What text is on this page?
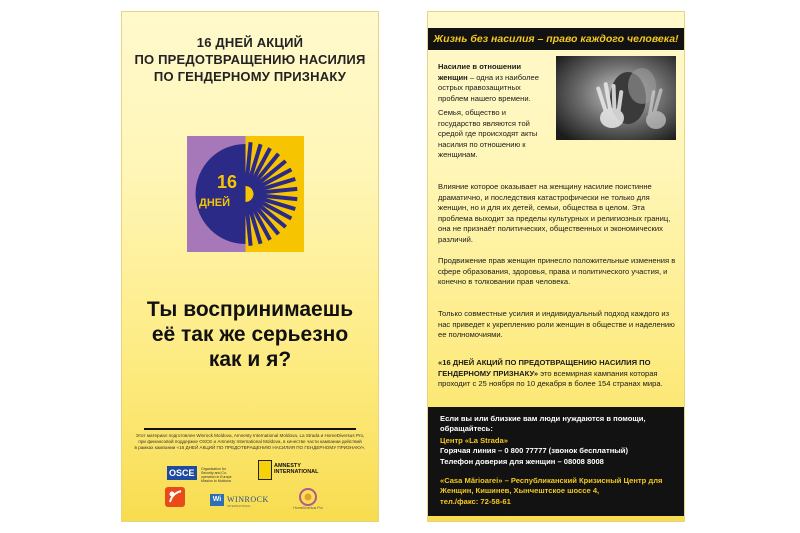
16 ДНЕЙ АКЦИЙ
ПО ПРЕДОТВРАЩЕНИЮ НАСИЛИЯ
ПО ГЕНДЕРНОМУ ПРИЗНАКУ
16
ДНЕЙ
Ты воспринимаешь
её так же серьезно
как и я?
Этот материал подготовлен Winrock Moldova, Amnesty International Moldova, La Strada и HomeDiversus Pro,
при финансовой поддержке OSCE и Amnesty International Moldova, в качестве части кампании действий
в рамках кампании «16 ДНЕЙ АКЦИЙ ПО ПРЕДОТВРАЩЕНИЮ НАСИЛИЯ ПО ГЕНДЕРНОМУ ПРИЗНАКУ».
OSCE	Organization for Security and Co-operation in Europe Mission to Moldova
AMNESTY
INTERNATIONAL
Wi WINROCK
INTERNATIONAL	HomeDiversus Pro
Жизнь без насилия – право каждого человека!
Насилие в отношении женщин – одна из наиболее острых правозащитных проблем нашего времени.
Семья, общество и государство являются той средой где происходят акты насилия по отношению к женщинам.
Влияние которое оказывает на женщину насилие поистинне драматично, и последствия катастрофически не только для женщин, но и для их детей, семьи, общества в целом. Эта проблема выходит за пределы культурных и религиозных границ, она не признаёт политических, общественных и экономических различий.
Продвижение прав женщин принесло положительные изменения в сфере образования, здоровья, права и политического участия, и конечно в толковании прав человека.
Только совместные усилия и индивидуальный подход каждого из нас приведет к укреплению роли женщин в обществе и наделению ее полномочиями.
«16 ДНЕЙ АКЦИЙ ПО ПРЕДОТВРАЩЕНИЮ НАСИЛИЯ ПО ГЕНДЕРНОМУ ПРИЗНАКУ» это всемирная кампания которая проходит с 25 ноября по 10 декабря в более 154 странах мира.
Если вы или близкие вам люди нуждаются в помощи, обращайтесь:
Центр «La Strada»
Горячая линия – 0 800 77777 (звонок бесплатный)
Телефон доверия для женщин – 08008 8008
«Casa Mărioarei» – Республиканский Кризисный Центр для Женщин, Кишинев, Хынчештское шоссе 4,
тел./факс: 72-58-61
